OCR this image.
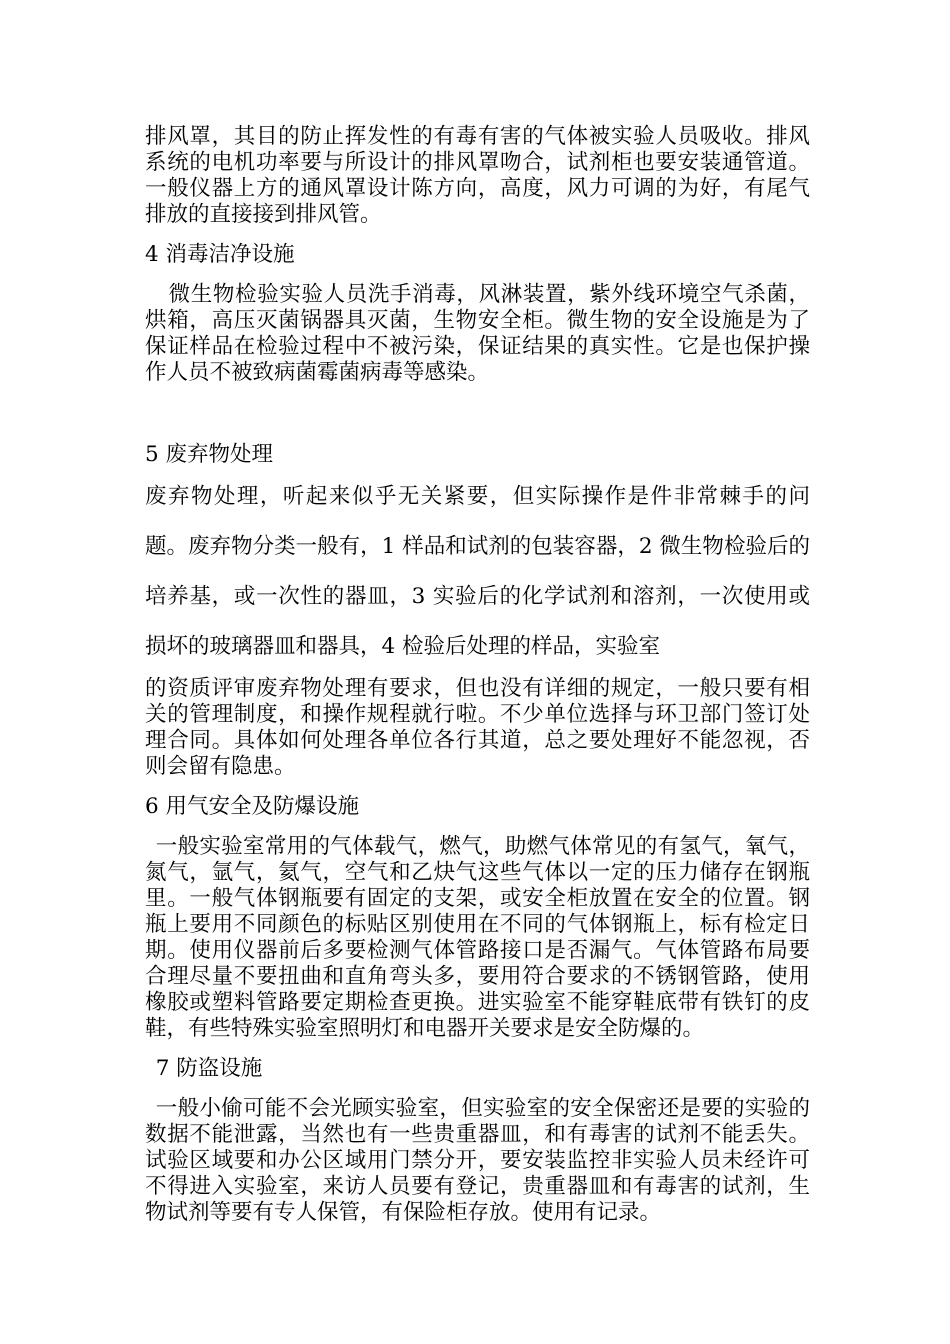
排风罩，其目的防止挥发性的有毒有害的气体被实验人员吸收。排风系统的电机功率要与所设计的排风罩吻合，试剂柜也要安装通管道。一般仪器上方的通风罩设计陈方向，高度，风力可调的为好，有尾气排放的直接接到排风管。

4 消毒洁净设施

微生物检验实验人员洗手消毒，风淋装置，紫外线环境空气杀菌，烘箱，高压灭菌锅器具灭菌，生物安全柜。微生物的安全设施是为了保证样品在检验过程中不被污染，保证结果的真实性。它是也保护操作人员不被致病菌霉菌病毒等感染。

5 废弃物处理

废弃物处理，听起来似乎无关紧要，但实际操作是件非常棘手的问题。废弃物分类一般有，1 样品和试剂的包装容器，2 微生物检验后的培养基，或一次性的器皿，3 实验后的化学试剂和溶剂，一次使用或损坏的玻璃器皿和器具，4 检验后处理的样品，实验室

的资质评审废弃物处理有要求，但也没有详细的规定，一般只要有相关的管理制度，和操作规程就行啦。不少单位选择与环卫部门签订处理合同。具体如何处理各单位各行其道，总之要处理好不能忽视，否则会留有隐患。

6 用气安全及防爆设施

一般实验室常用的气体载气，燃气，助燃气体常见的有氢气，氧气，氮气，氩气，氦气，空气和乙炔气这些气体以一定的压力储存在钢瓶里。一般气体钢瓶要有固定的支架，或安全柜放置在安全的位置。钢瓶上要用不同颜色的标贴区别使用在不同的气体钢瓶上，标有检定日期。使用仪器前后多要检测气体管路接口是否漏气。气体管路布局要合理尽量不要扭曲和直角弯头多，要用符合要求的不锈钢管路，使用橡胶或塑料管路要定期检查更换。进实验室不能穿鞋底带有铁钉的皮鞋，有些特殊实验室照明灯和电器开关要求是安全防爆的。

7 防盗设施

一般小偷可能不会光顾实验室，但实验室的安全保密还是要的实验的数据不能泄露，当然也有一些贵重器皿，和有毒害的试剂不能丢失。试验区域要和办公区域用门禁分开，要安装监控非实验人员未经许可不得进入实验室，来访人员要有登记，贵重器皿和有毒害的试剂，生物试剂等要有专人保管，有保险柜存放。使用有记录。
